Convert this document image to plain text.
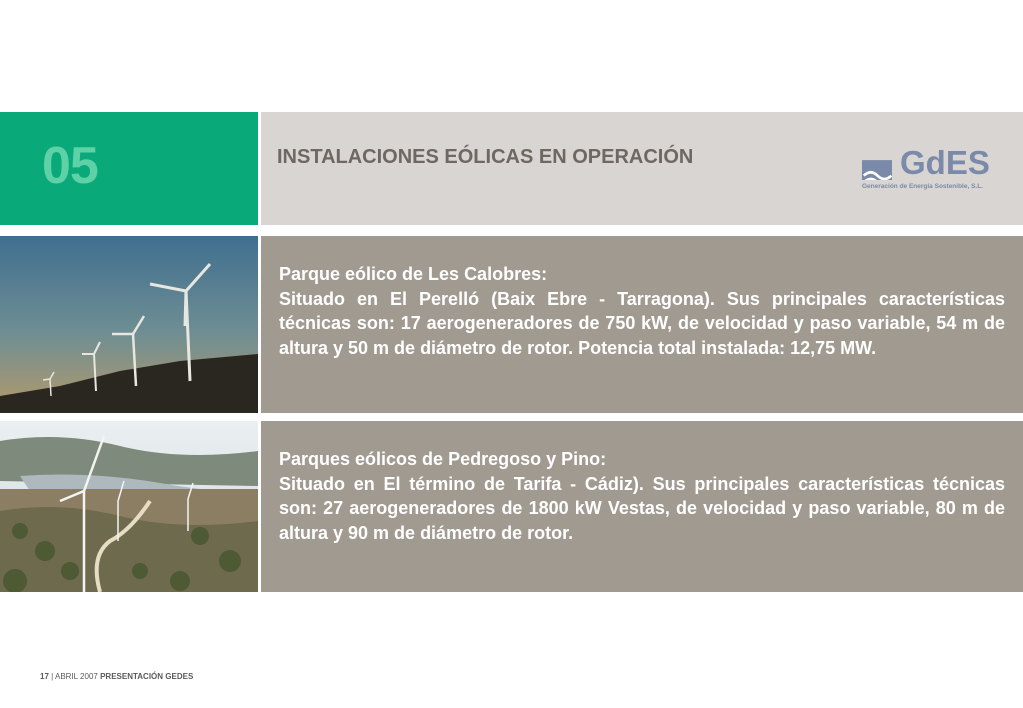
05	INSTALACIONES EÓLICAS EN OPERACIÓN	GdES
Generación de Energía Sostenible, S.L.
Parque eólico de Les Calobres:
Situado en El Perelló (Baix Ebre - Tarragona). Sus principales características técnicas son: 17 aerogeneradores de 750 kW, de velocidad y paso variable, 54 m de altura y 50 m de diámetro de rotor. Potencia total instalada: 12,75 MW.
Parques eólicos de Pedregoso y Pino:
Situado en El término de Tarifa - Cádiz). Sus principales características técnicas son: 27 aerogeneradores de 1800 kW Vestas, de velocidad y paso variable, 80 m de altura y 90 m de diámetro de rotor.
17 | ABRIL 2007 PRESENTACIÓN GEDES
